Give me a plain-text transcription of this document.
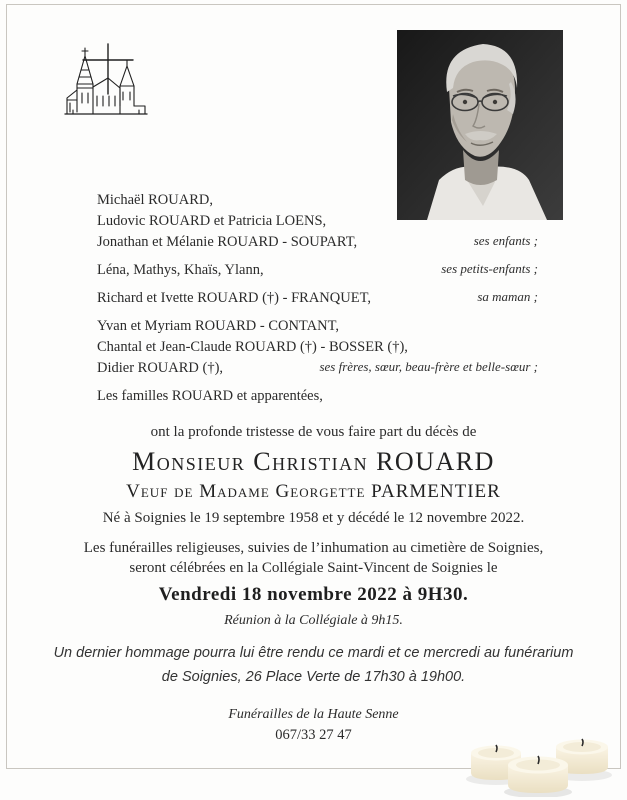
Michaël ROUARD,
Ludovic ROUARD et Patricia LOENS,
Jonathan et Mélanie ROUARD - SOUPART,	ses enfants ;
Léna, Mathys, Khaïs, Ylann,	ses petits-enfants ;
Richard et Ivette ROUARD (†) - FRANQUET,	sa maman ;
Yvan et Myriam ROUARD - CONTANT,
Chantal et Jean-Claude ROUARD (†) - BOSSER (†),
Didier ROUARD (†),	ses frères, sœur, beau-frère et belle-sœur ;
Les familles ROUARD et apparentées,
ont la profonde tristesse de vous faire part du décès de
Monsieur Christian ROUARD
Veuf de Madame Georgette PARMENTIER
Né à Soignies le 19 septembre 1958 et y décédé le 12 novembre 2022.
Les funérailles religieuses, suivies de l’inhumation au cimetière de Soignies,
seront célébrées en la Collégiale Saint-Vincent de Soignies le
Vendredi 18 novembre 2022 à 9H30.
Réunion à la Collégiale à 9h15.
Un dernier hommage pourra lui être rendu ce mardi et ce mercredi au funérarium
de Soignies, 26 Place Verte de 17h30 à 19h00.
Funérailles de la Haute Senne
067/33 27 47
